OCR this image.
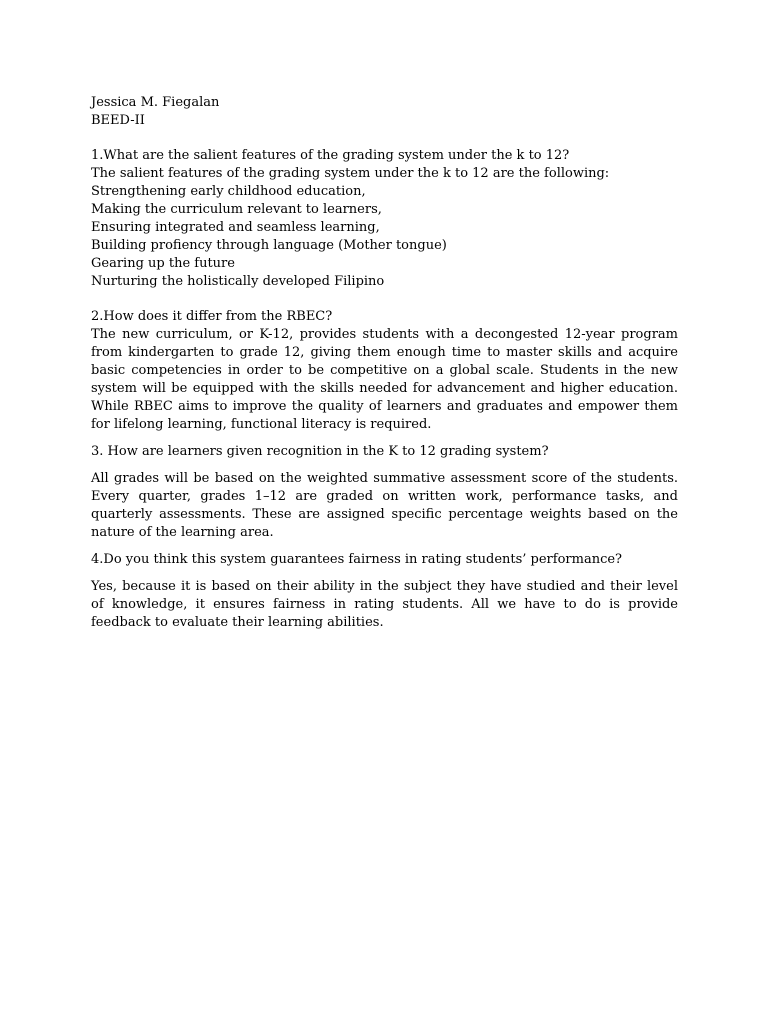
Jessica M. Fiegalan
BEED-II
1.What are the salient features of the grading system under the k to 12?
The salient features of the grading system under the k to 12 are the following:
Strengthening early childhood education,
Making the curriculum relevant to learners,
Ensuring integrated and seamless learning,
Building profiency through language (Mother tongue)
Gearing up the future
Nurturing the holistically developed Filipino
2.How does it differ from the RBEC?

The new curriculum, or K-12, provides students with a decongested 12-year program from kindergarten to grade 12, giving them enough time to master skills and acquire basic competencies in order to be competitive on a global scale. Students in the new system will be equipped with the skills needed for advancement and higher education. While RBEC aims to improve the quality of learners and graduates and empower them for lifelong learning, functional literacy is required.

3. How are learners given recognition in the K to 12 grading system?

All grades will be based on the weighted summative assessment score of the students. Every quarter, grades 1–12 are graded on written work, performance tasks, and quarterly assessments. These are assigned specific percentage weights based on the nature of the learning area.

4.Do you think this system guarantees fairness in rating students’ performance?

Yes, because it is based on their ability in the subject they have studied and their level of knowledge, it ensures fairness in rating students. All we have to do is provide feedback to evaluate their learning abilities.
